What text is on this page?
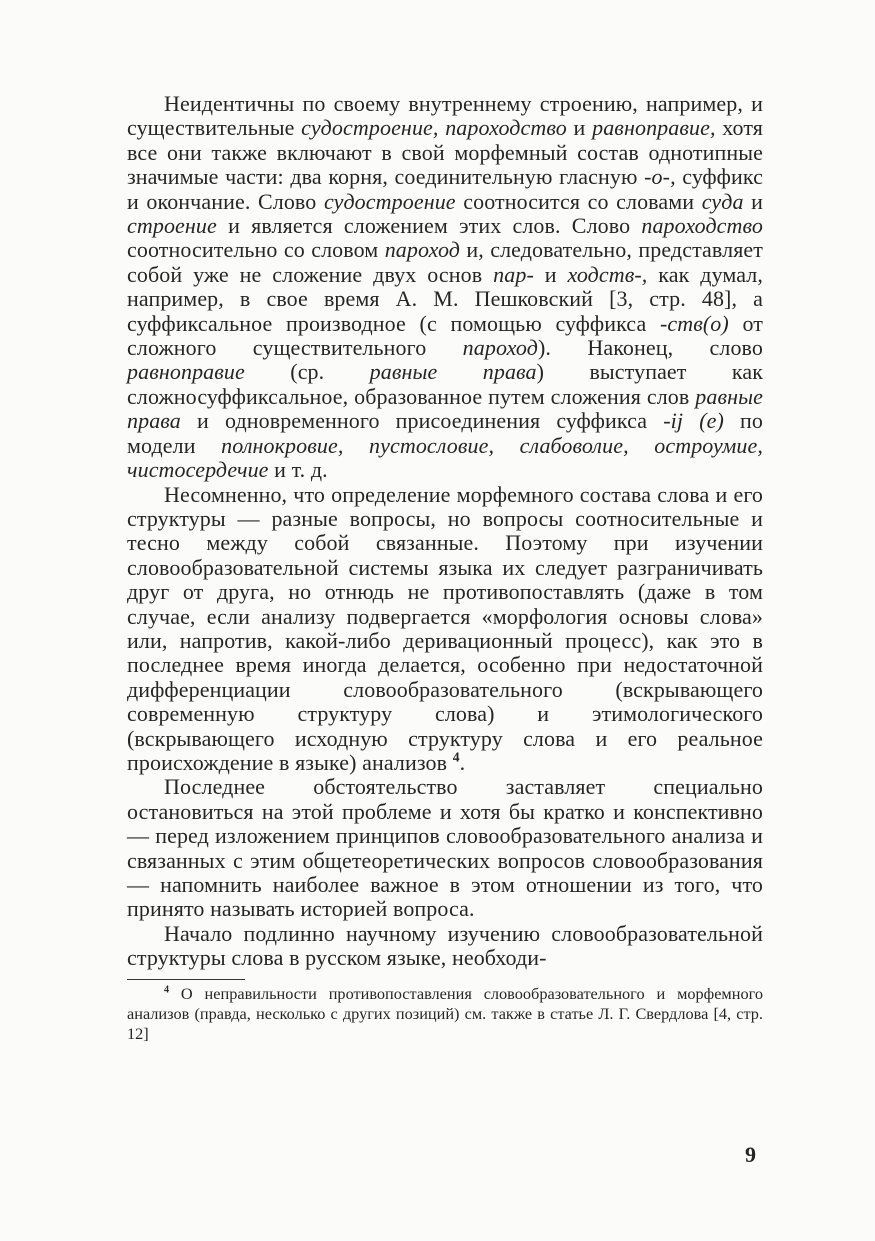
Неидентичны по своему внутреннему строению, например, и существительные судостроение, пароходство и равноправие, хотя все они также включают в свой морфемный состав однотипные значимые части: два корня, соединительную гласную -о-, суффикс и окончание. Слово судостроение соотносится со словами суда и строение и является сложением этих слов. Слово пароходство соотносительно со словом пароход и, следовательно, представляет собой уже не сложение двух основ пар- и ходств-, как думал, например, в свое время А. М. Пешковский [3, стр. 48], а суффиксальное производное (с помощью суффикса -ств(о) от сложного существительного пароход). Наконец, слово равноправие (ср. равные права) выступает как сложносуффиксальное, образованное путем сложения слов равные права и одновременного присоединения суффикса -ij (е) по модели полнокровие, пустословие, слабоволие, остроумие, чистосердечие и т. д.

Несомненно, что определение морфемного состава слова и его структуры — разные вопросы, но вопросы соотносительные и тесно между собой связанные. Поэтому при изучении словообразовательной системы языка их следует разграничивать друг от друга, но отнюдь не противопоставлять (даже в том случае, если анализу подвергается «морфология основы слова» или, напротив, какой-либо деривационный процесс), как это в последнее время иногда делается, особенно при недостаточной дифференциации словообразовательного (вскрывающего современную структуру слова) и этимологического (вскрывающего исходную структуру слова и его реальное происхождение в языке) анализов $^4$.

Последнее обстоятельство заставляет специально остановиться на этой проблеме и хотя бы кратко и конспективно — перед изложением принципов словообразовательного анализа и связанных с этим общетеоретических вопросов словообразования — напомнить наиболее важное в этом отношении из того, что принято называть историей вопроса.

Начало подлинно научному изучению словообразовательной структуры слова в русском языке, необходи-

$^4$ О неправильности противопоставления словообразовательного и морфемного анализов (правда, несколько с других позиций) см. также в статье Л. Г. Свердлова [4, стр. 12]

9
